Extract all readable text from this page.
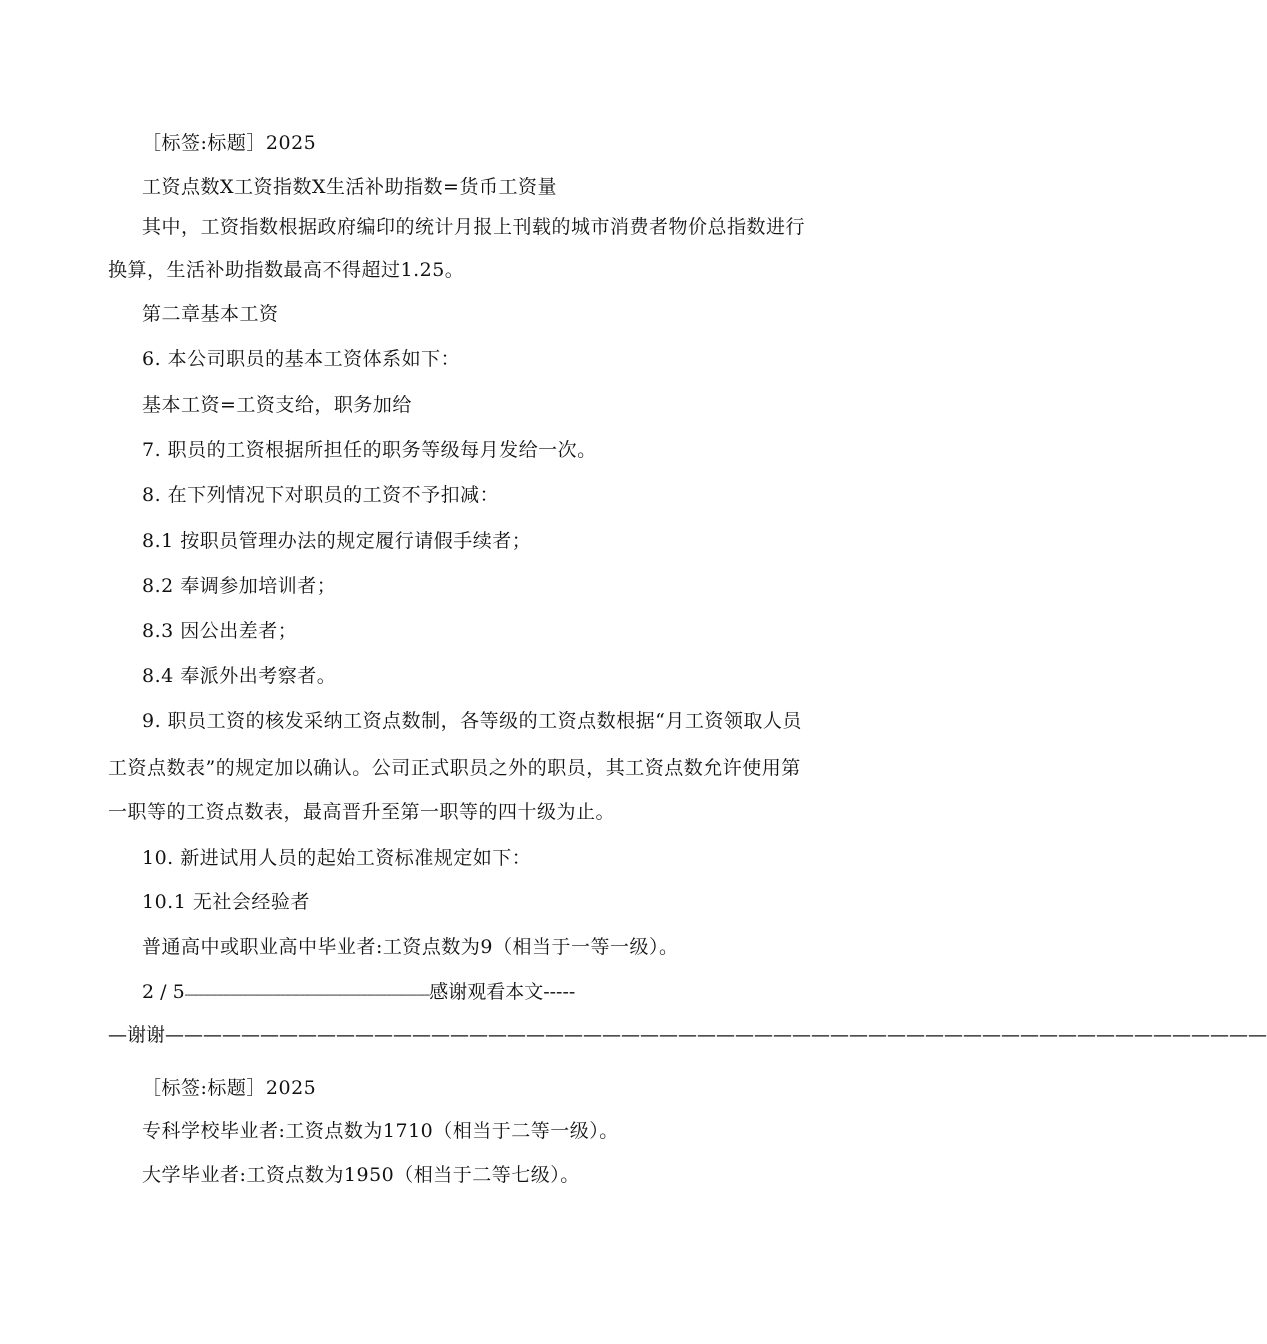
［标签:标题］2025
工资点数Ⅹ工资指数Ⅹ生活补助指数=货币工资量
其中，工资指数根据政府编印的统计月报上刊载的城市消费者物价总指数进行
换算，生活补助指数最高不得超过1.25。
第二章基本工资
6. 本公司职员的基本工资体系如下：
基本工资=工资支给，职务加给
7. 职员的工资根据所担任的职务等级每月发给一次。
8. 在下列情况下对职员的工资不予扣减：
8.1 按职员管理办法的规定履行请假手续者；
8.2 奉调参加培训者；
8.3 因公出差者；
8.4 奉派外出考察者。
9. 职员工资的核发采纳工资点数制，各等级的工资点数根据“月工资领取人员
工资点数表”的规定加以确认。公司正式职员之外的职员，其工资点数允许使用第
一职等的工资点数表，最高晋升至第一职等的四十级为止。
10. 新进试用人员的起始工资标准规定如下：
10.1 无社会经验者
普通高中或职业高中毕业者:工资点数为9（相当于一等一级）。
2 / 5------------------------------------------------------------------------------------------感谢观看本文-----
—谢谢——————————————————————————————————————————————————————————
［标签:标题］2025
专科学校毕业者:工资点数为1710（相当于二等一级）。
大学毕业者:工资点数为1950（相当于二等七级）。
